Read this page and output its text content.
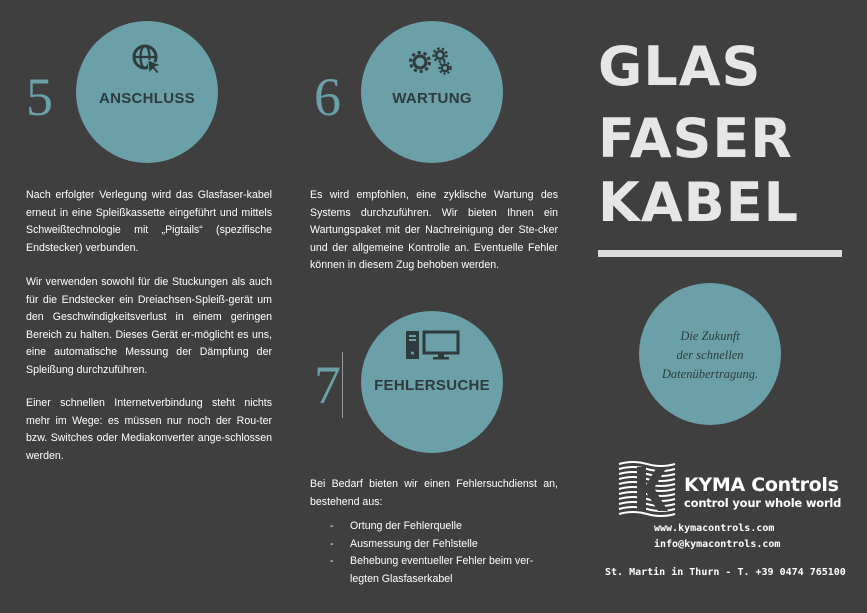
5	ANSCHLUSS
Nach erfolgter Verlegung wird das Glasfaser-kabel erneut in eine Spleißkassette eingeführt und mittels Schweißtechnologie mit „Pigtails“ (spezifische Endstecker) verbunden.
Wir verwenden sowohl für die Stuckungen als auch für die Endstecker ein Dreiachsen-Spleiß-gerät um den Geschwindigkeitsverlust in einem geringen Bereich zu halten. Dieses Gerät er-möglicht es uns, eine automatische Messung der Dämpfung der Spleißung durchzuführen.
Einer schnellen Internetverbindung steht nichts mehr im Wege: es müssen nur noch der Rou-ter bzw. Switches oder Mediakonverter ange-schlossen werden.
6	WARTUNG
Es wird empfohlen, eine zyklische Wartung des Systems durchzuführen. Wir bieten Ihnen ein Wartungspaket mit der Nachreinigung der Ste-cker und der allgemeine Kontrolle an. Eventuelle Fehler können in diesem Zug behoben werden.
7	FEHLERSUCHE
Bei Bedarf bieten wir einen Fehlersuchdienst an, bestehend aus:
- Ortung der Fehlerquelle
- Ausmessung der Fehlstelle
- Behebung eventueller Fehler beim ver-
legten Glasfaserkabel
GLAS
FASER
KABEL
Die Zukunft
der schnellen
Datenübertragung.
KYMA Controls
control your whole world
www.kymacontrols.com
info@kymacontrols.com
St. Martin in Thurn - T. +39 0474 765100
